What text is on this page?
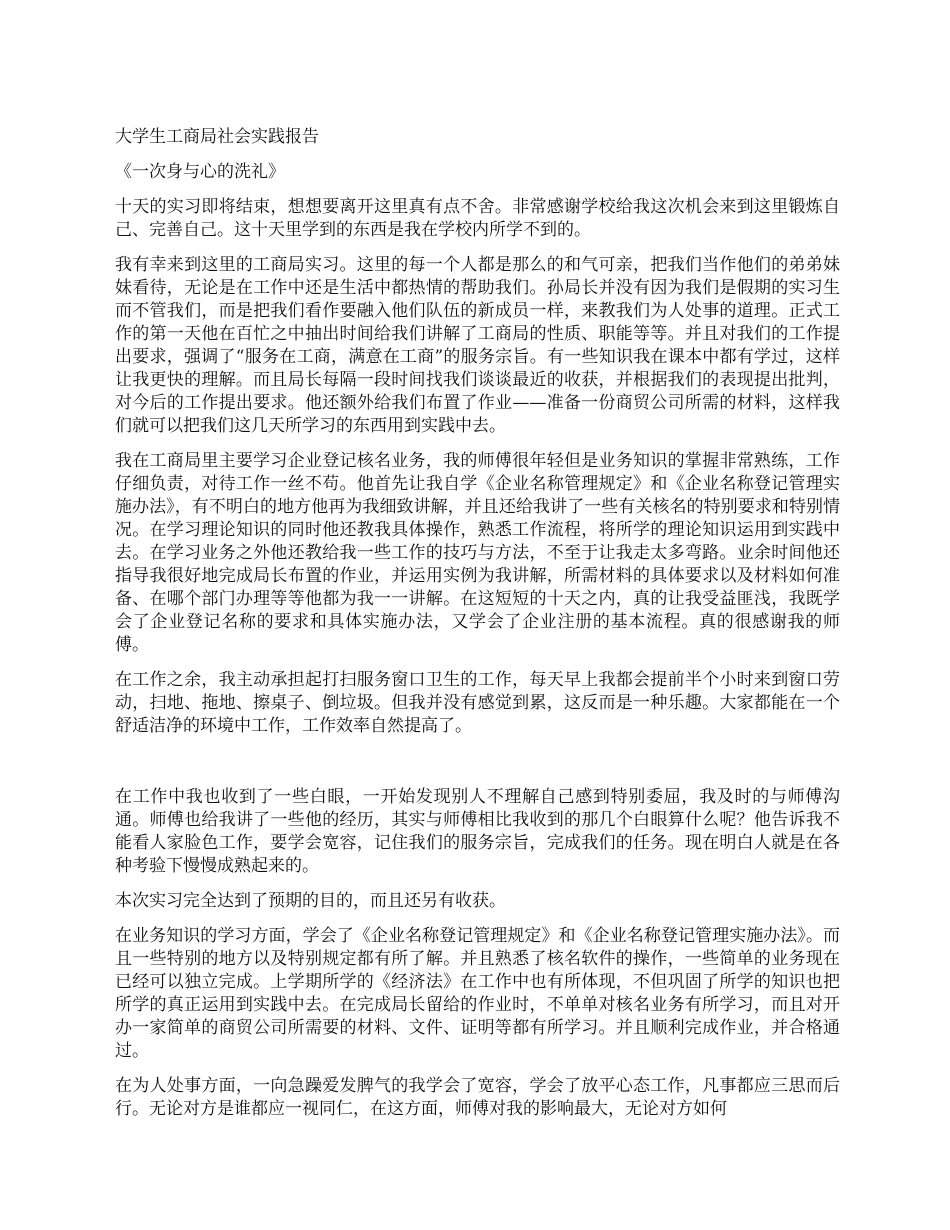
大学生工商局社会实践报告

《一次身与心的洗礼》

十天的实习即将结束，想想要离开这里真有点不舍。非常感谢学校给我这次机会来到这里锻炼自己、完善自己。这十天里学到的东西是我在学校内所学不到的。

我有幸来到这里的工商局实习。这里的每一个人都是那么的和气可亲，把我们当作他们的弟弟妹妹看待，无论是在工作中还是生活中都热情的帮助我们。孙局长并没有因为我们是假期的实习生而不管我们，而是把我们看作要融入他们队伍的新成员一样，来教我们为人处事的道理。正式工作的第一天他在百忙之中抽出时间给我们讲解了工商局的性质、职能等等。并且对我们的工作提出要求，强调了“服务在工商，满意在工商”的服务宗旨。有一些知识我在课本中都有学过，这样让我更快的理解。而且局长每隔一段时间找我们谈谈最近的收获，并根据我们的表现提出批判，对今后的工作提出要求。他还额外给我们布置了作业——准备一份商贸公司所需的材料，这样我们就可以把我们这几天所学习的东西用到实践中去。

我在工商局里主要学习企业登记核名业务，我的师傅很年轻但是业务知识的掌握非常熟练，工作仔细负责，对待工作一丝不苟。他首先让我自学《企业名称管理规定》和《企业名称登记管理实施办法》，有不明白的地方他再为我细致讲解，并且还给我讲了一些有关核名的特别要求和特别情况。在学习理论知识的同时他还教我具体操作，熟悉工作流程，将所学的理论知识运用到实践中去。在学习业务之外他还教给我一些工作的技巧与方法，不至于让我走太多弯路。业余时间他还指导我很好地完成局长布置的作业，并运用实例为我讲解，所需材料的具体要求以及材料如何准备、在哪个部门办理等等他都为我一一讲解。在这短短的十天之内，真的让我受益匪浅，我既学会了企业登记名称的要求和具体实施办法，又学会了企业注册的基本流程。真的很感谢我的师傅。

在工作之余，我主动承担起打扫服务窗口卫生的工作，每天早上我都会提前半个小时来到窗口劳动，扫地、拖地、擦桌子、倒垃圾。但我并没有感觉到累，这反而是一种乐趣。大家都能在一个舒适洁净的环境中工作，工作效率自然提高了。

在工作中我也收到了一些白眼，一开始发现别人不理解自己感到特别委屈，我及时的与师傅沟通。师傅也给我讲了一些他的经历，其实与师傅相比我收到的那几个白眼算什么呢？他告诉我不能看人家脸色工作，要学会宽容，记住我们的服务宗旨，完成我们的任务。现在明白人就是在各种考验下慢慢成熟起来的。

本次实习完全达到了预期的目的，而且还另有收获。

在业务知识的学习方面，学会了《企业名称登记管理规定》和《企业名称登记管理实施办法》。而且一些特别的地方以及特别规定都有所了解。并且熟悉了核名软件的操作，一些简单的业务现在已经可以独立完成。上学期所学的《经济法》在工作中也有所体现，不但巩固了所学的知识也把所学的真正运用到实践中去。在完成局长留给的作业时，不单单对核名业务有所学习，而且对开办一家简单的商贸公司所需要的材料、文件、证明等都有所学习。并且顺利完成作业，并合格通过。

在为人处事方面，一向急躁爱发脾气的我学会了宽容，学会了放平心态工作，凡事都应三思而后行。无论对方是谁都应一视同仁，在这方面，师傅对我的影响最大，无论对方如何
